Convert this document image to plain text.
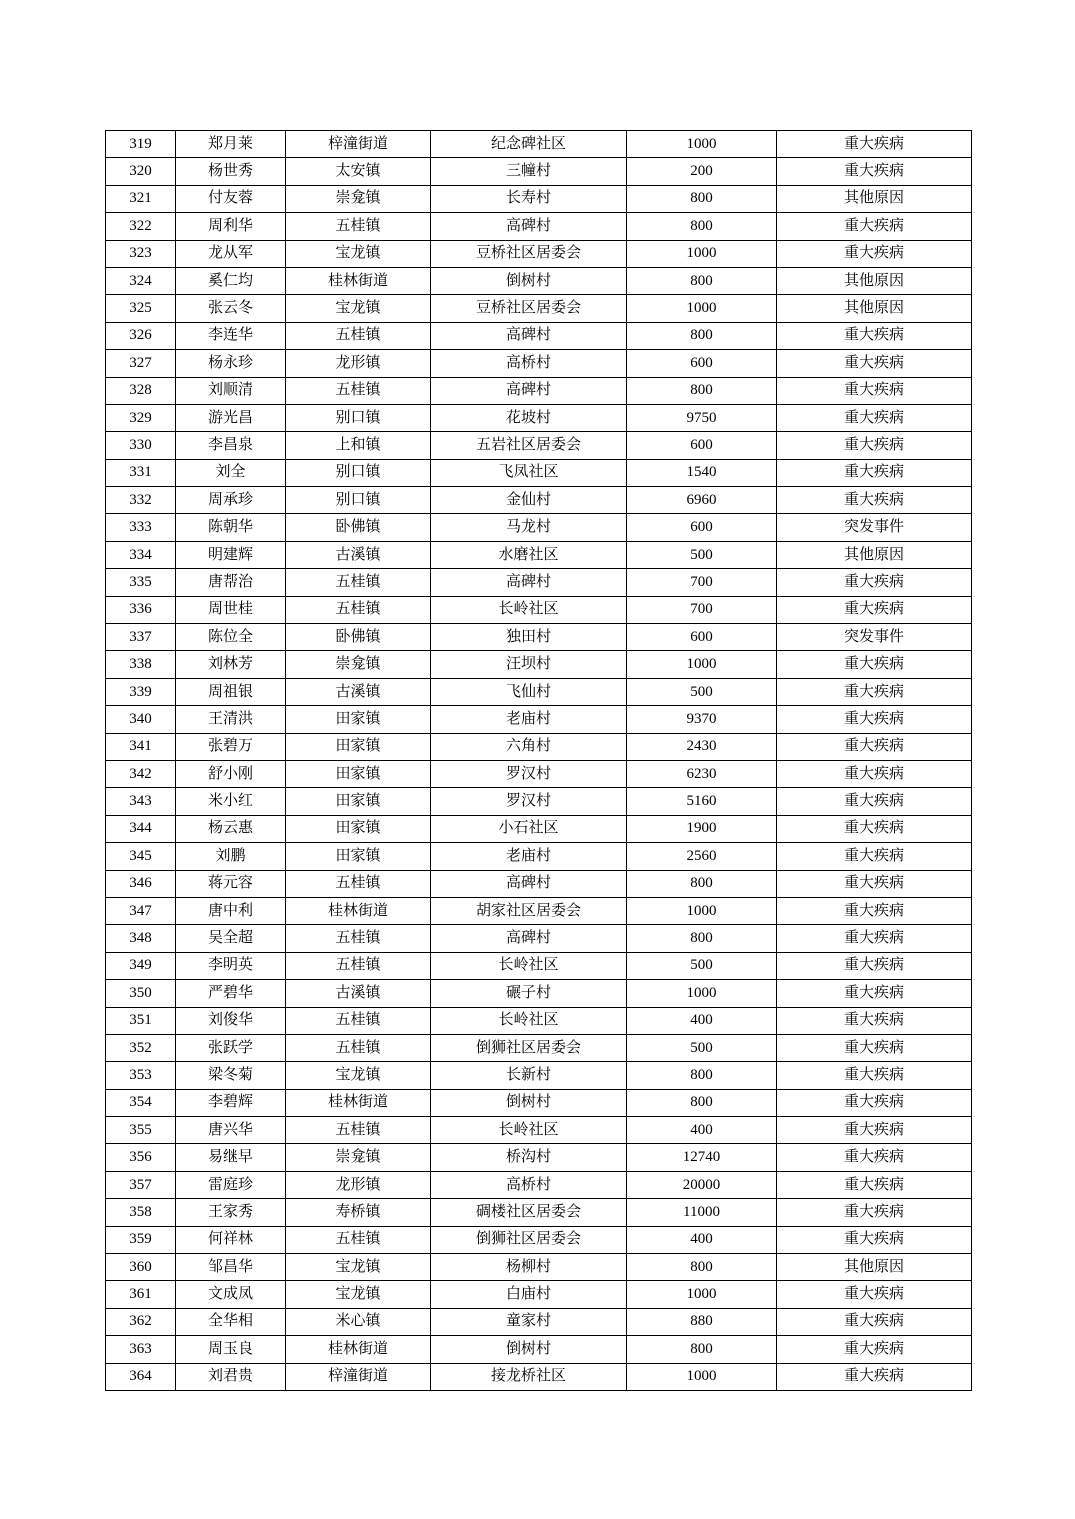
319	郑月莱	梓潼街道	纪念碑社区	1000	重大疾病
320	杨世秀	太安镇	三幢村	200	重大疾病
321	付友蓉	崇龛镇	长寿村	800	其他原因
322	周利华	五桂镇	高碑村	800	重大疾病
323	龙从军	宝龙镇	豆桥社区居委会	1000	重大疾病
324	奚仁均	桂林街道	倒树村	800	其他原因
325	张云冬	宝龙镇	豆桥社区居委会	1000	其他原因
326	李连华	五桂镇	高碑村	800	重大疾病
327	杨永珍	龙形镇	高桥村	600	重大疾病
328	刘顺清	五桂镇	高碑村	800	重大疾病
329	游光昌	别口镇	花坡村	9750	重大疾病
330	李昌泉	上和镇	五岩社区居委会	600	重大疾病
331	刘全	别口镇	飞凤社区	1540	重大疾病
332	周承珍	别口镇	金仙村	6960	重大疾病
333	陈朝华	卧佛镇	马龙村	600	突发事件
334	明建辉	古溪镇	水磨社区	500	其他原因
335	唐帮治	五桂镇	高碑村	700	重大疾病
336	周世桂	五桂镇	长岭社区	700	重大疾病
337	陈位全	卧佛镇	独田村	600	突发事件
338	刘林芳	崇龛镇	汪坝村	1000	重大疾病
339	周祖银	古溪镇	飞仙村	500	重大疾病
340	王清洪	田家镇	老庙村	9370	重大疾病
341	张碧万	田家镇	六角村	2430	重大疾病
342	舒小刚	田家镇	罗汉村	6230	重大疾病
343	米小红	田家镇	罗汉村	5160	重大疾病
344	杨云惠	田家镇	小石社区	1900	重大疾病
345	刘鹏	田家镇	老庙村	2560	重大疾病
346	蒋元容	五桂镇	高碑村	800	重大疾病
347	唐中利	桂林街道	胡家社区居委会	1000	重大疾病
348	吴全超	五桂镇	高碑村	800	重大疾病
349	李明英	五桂镇	长岭社区	500	重大疾病
350	严碧华	古溪镇	碾子村	1000	重大疾病
351	刘俊华	五桂镇	长岭社区	400	重大疾病
352	张跃学	五桂镇	倒狮社区居委会	500	重大疾病
353	梁冬菊	宝龙镇	长新村	800	重大疾病
354	李碧辉	桂林街道	倒树村	800	重大疾病
355	唐兴华	五桂镇	长岭社区	400	重大疾病
356	易继早	崇龛镇	桥沟村	12740	重大疾病
357	雷庭珍	龙形镇	高桥村	20000	重大疾病
358	王家秀	寿桥镇	碉楼社区居委会	11000	重大疾病
359	何祥林	五桂镇	倒狮社区居委会	400	重大疾病
360	邹昌华	宝龙镇	杨柳村	800	其他原因
361	文成凤	宝龙镇	白庙村	1000	重大疾病
362	全华相	米心镇	童家村	880	重大疾病
363	周玉良	桂林街道	倒树村	800	重大疾病
364	刘君贵	梓潼街道	接龙桥社区	1000	重大疾病
